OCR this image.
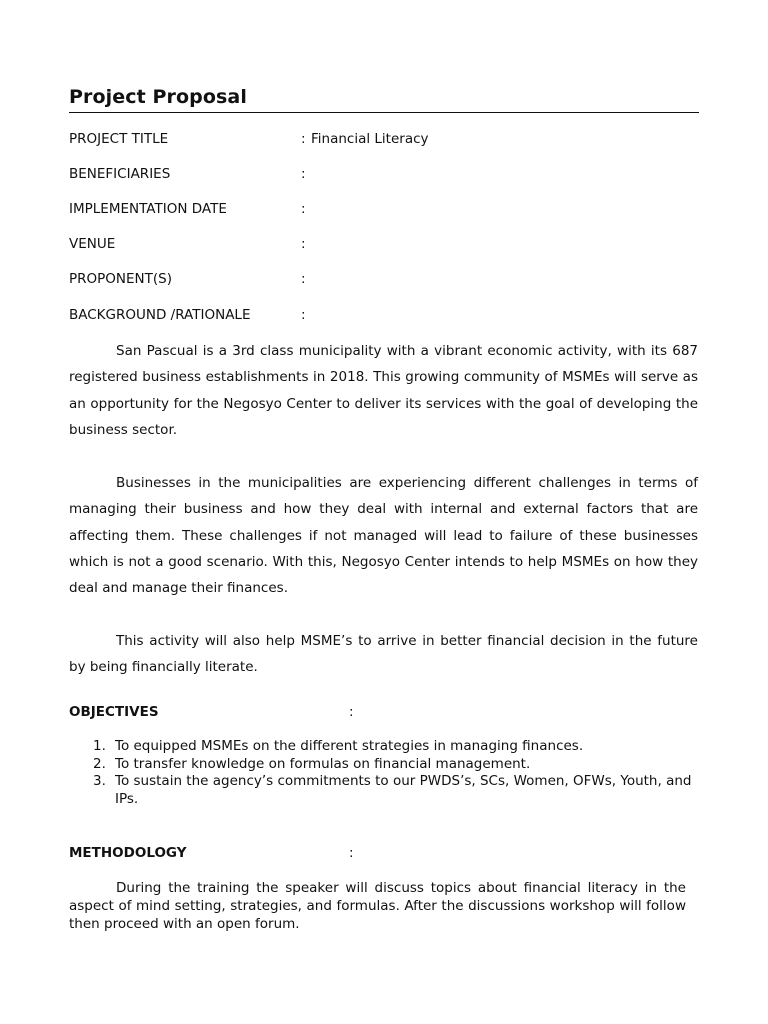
Project Proposal
PROJECT TITLE	: Financial Literacy
BENEFICIARIES	:
IMPLEMENTATION DATE	:
VENUE	:
PROPONENT(S)	:
BACKGROUND /RATIONALE	:

San Pascual is a 3rd class municipality with a vibrant economic activity, with its 687 registered business establishments in 2018. This growing community of MSMEs will serve as an opportunity for the Negosyo Center to deliver its services with the goal of developing the business sector.

Businesses in the municipalities are experiencing different challenges in terms of managing their business and how they deal with internal and external factors that are affecting them. These challenges if not managed will lead to failure of these businesses which is not a good scenario. With this, Negosyo Center intends to help MSMEs on how they deal and manage their finances.

This activity will also help MSME’s to arrive in better financial decision in the future by being financially literate.

OBJECTIVES	:
1. To equipped MSMEs on the different strategies in managing finances.
2. To transfer knowledge on formulas on financial management.
3. To sustain the agency’s commitments to our PWDS’s, SCs, Women, OFWs, Youth, and IPs.
METHODOLOGY	:

During the training the speaker will discuss topics about financial literacy in the aspect of mind setting, strategies, and formulas. After the discussions workshop will follow then proceed with an open forum.
